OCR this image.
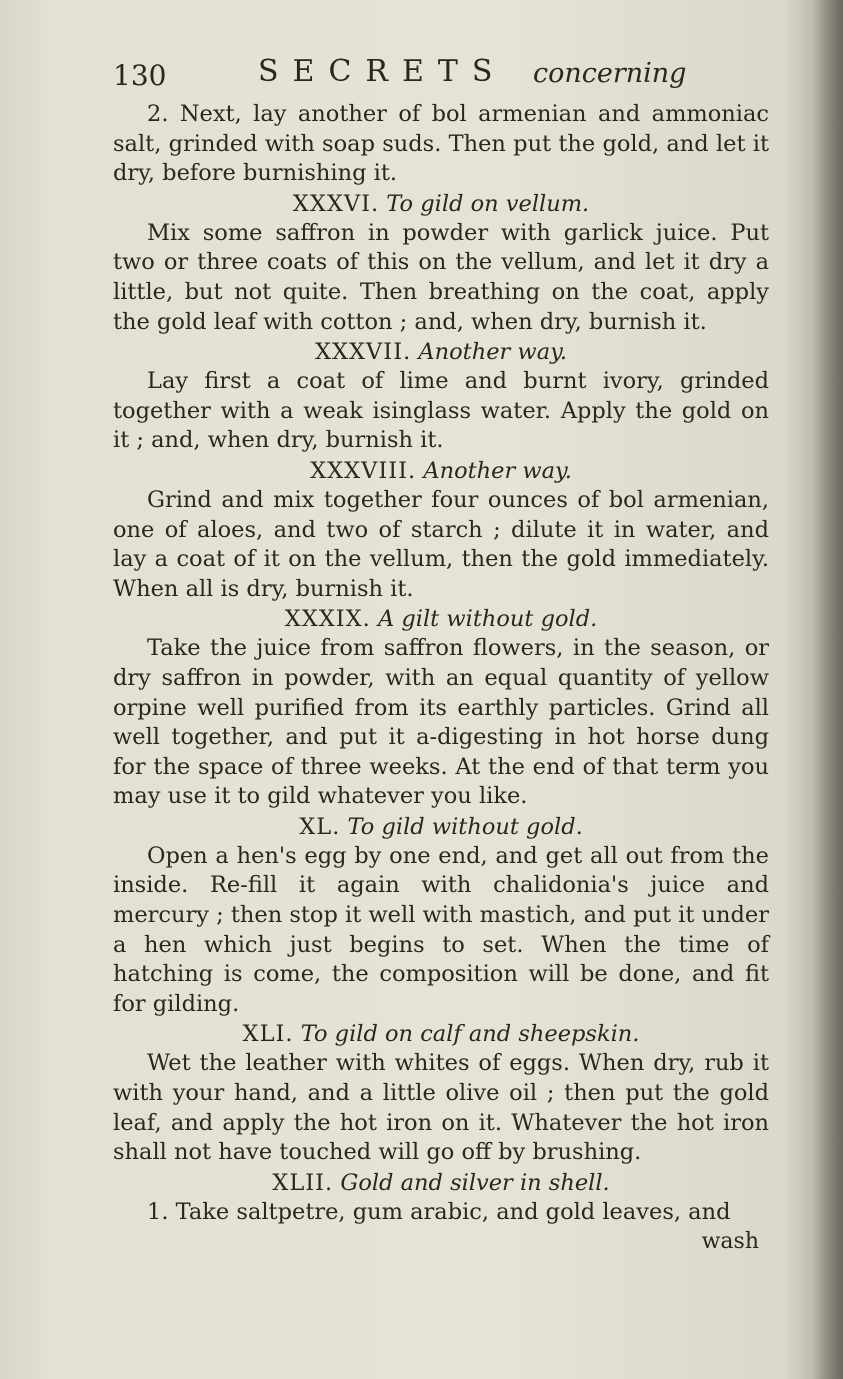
130	SECRETS concerning

2. Next, lay another of bol armenian and ammoniac salt, grinded with soap suds. Then put the gold, and let it dry, before burnishing it.

XXXVI. To gild on vellum.

Mix some saffron in powder with garlick juice. Put two or three coats of this on the vellum, and let it dry a little, but not quite. Then breathing on the coat, apply the gold leaf with cotton ; and, when dry, burnish it.

XXXVII. Another way.

Lay first a coat of lime and burnt ivory, grinded together with a weak isinglass water. Apply the gold on it ; and, when dry, burnish it.

XXXVIII. Another way.

Grind and mix together four ounces of bol armenian, one of aloes, and two of starch ; dilute it in water, and lay a coat of it on the vellum, then the gold immediately. When all is dry, burnish it.

XXXIX. A gilt without gold.

Take the juice from saffron flowers, in the season, or dry saffron in powder, with an equal quantity of yellow orpine well purified from its earthly particles. Grind all well together, and put it a-digesting in hot horse dung for the space of three weeks. At the end of that term you may use it to gild whatever you like.

XL. To gild without gold.

Open a hen's egg by one end, and get all out from the inside. Re-fill it again with chalidonia's juice and mercury ; then stop it well with mastich, and put it under a hen which just begins to set. When the time of hatching is come, the composition will be done, and fit for gilding.

XLI. To gild on calf and sheepskin.

Wet the leather with whites of eggs. When dry, rub it with your hand, and a little olive oil ; then put the gold leaf, and apply the hot iron on it. Whatever the hot iron shall not have touched will go off by brushing.

XLII. Gold and silver in shell.

1. Take saltpetre, gum arabic, and gold leaves, and

wash
